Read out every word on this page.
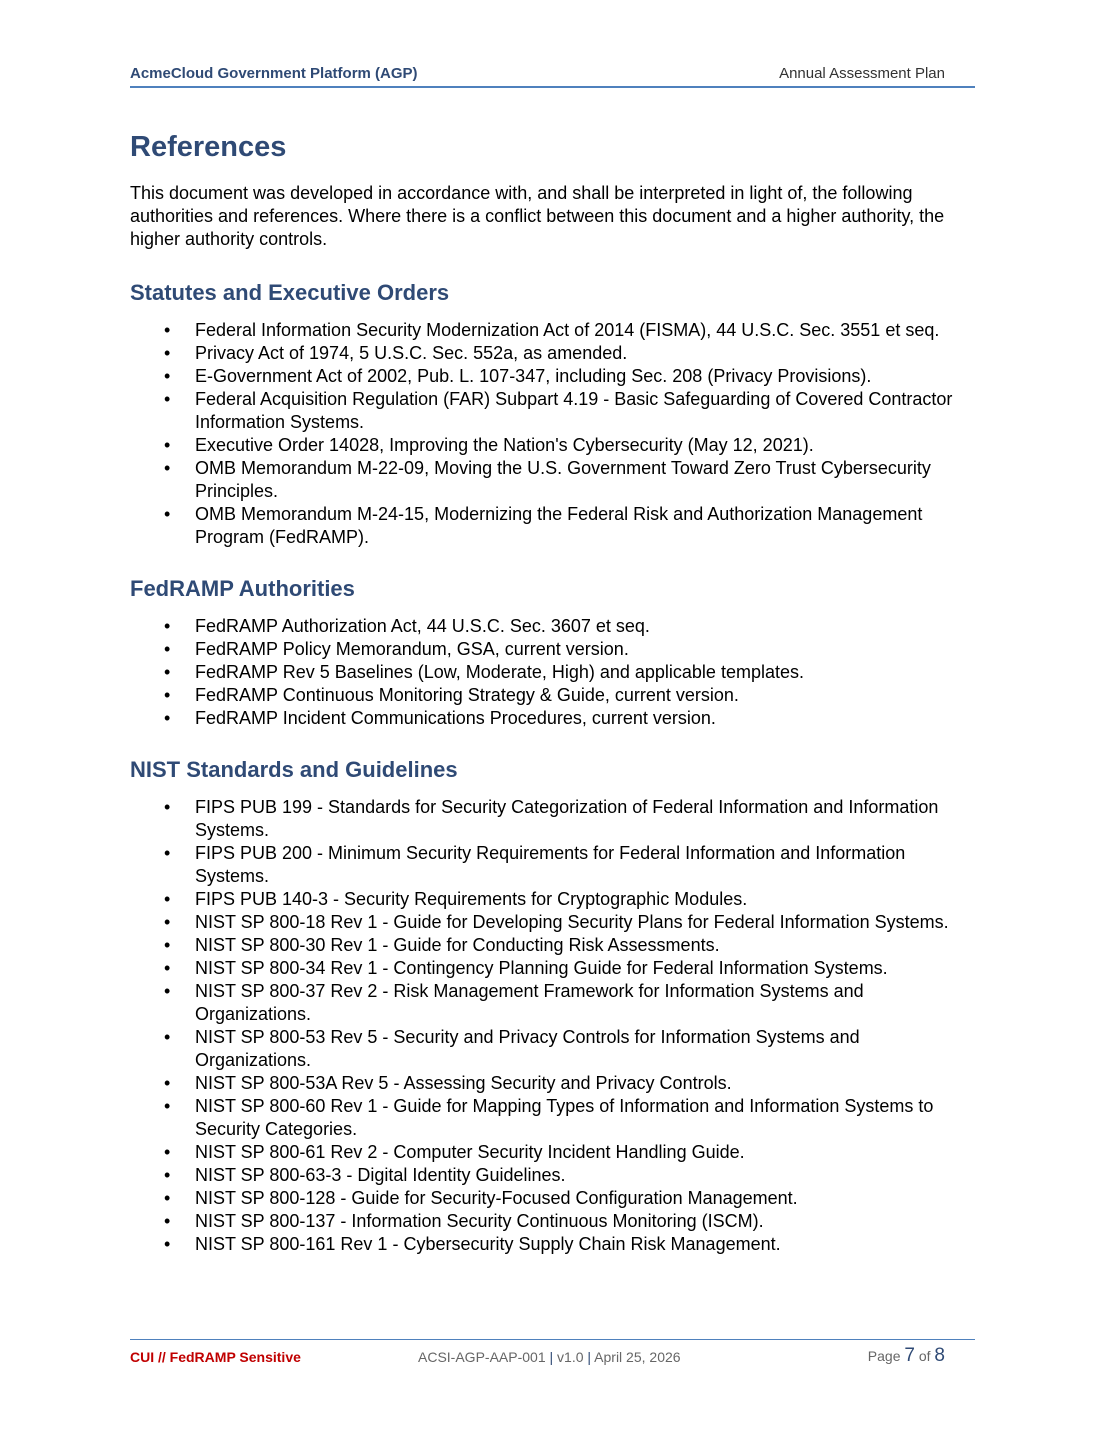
AcmeCloud Government Platform (AGP)	Annual Assessment Plan
References

This document was developed in accordance with, and shall be interpreted in light of, the following authorities and references. Where there is a conflict between this document and a higher authority, the higher authority controls.

Statutes and Executive Orders
• Federal Information Security Modernization Act of 2014 (FISMA), 44 U.S.C. Sec. 3551 et seq.
• Privacy Act of 1974, 5 U.S.C. Sec. 552a, as amended.
• E-Government Act of 2002, Pub. L. 107-347, including Sec. 208 (Privacy Provisions).
• Federal Acquisition Regulation (FAR) Subpart 4.19 - Basic Safeguarding of Covered Contractor Information Systems.
• Executive Order 14028, Improving the Nation's Cybersecurity (May 12, 2021).
• OMB Memorandum M-22-09, Moving the U.S. Government Toward Zero Trust Cybersecurity Principles.
• OMB Memorandum M-24-15, Modernizing the Federal Risk and Authorization Management Program (FedRAMP).
FedRAMP Authorities
• FedRAMP Authorization Act, 44 U.S.C. Sec. 3607 et seq.
• FedRAMP Policy Memorandum, GSA, current version.
• FedRAMP Rev 5 Baselines (Low, Moderate, High) and applicable templates.
• FedRAMP Continuous Monitoring Strategy & Guide, current version.
• FedRAMP Incident Communications Procedures, current version.
NIST Standards and Guidelines
• FIPS PUB 199 - Standards for Security Categorization of Federal Information and Information Systems.
• FIPS PUB 200 - Minimum Security Requirements for Federal Information and Information Systems.
• FIPS PUB 140-3 - Security Requirements for Cryptographic Modules.
• NIST SP 800-18 Rev 1 - Guide for Developing Security Plans for Federal Information Systems.
• NIST SP 800-30 Rev 1 - Guide for Conducting Risk Assessments.
• NIST SP 800-34 Rev 1 - Contingency Planning Guide for Federal Information Systems.
• NIST SP 800-37 Rev 2 - Risk Management Framework for Information Systems and Organizations.
• NIST SP 800-53 Rev 5 - Security and Privacy Controls for Information Systems and Organizations.
• NIST SP 800-53A Rev 5 - Assessing Security and Privacy Controls.
• NIST SP 800-60 Rev 1 - Guide for Mapping Types of Information and Information Systems to Security Categories.
• NIST SP 800-61 Rev 2 - Computer Security Incident Handling Guide.
• NIST SP 800-63-3 - Digital Identity Guidelines.
• NIST SP 800-128 - Guide for Security-Focused Configuration Management.
• NIST SP 800-137 - Information Security Continuous Monitoring (ISCM).
• NIST SP 800-161 Rev 1 - Cybersecurity Supply Chain Risk Management.
CUI // FedRAMP Sensitive	ACSI-AGP-AAP-001 | v1.0 | April 25, 2026	Page 7 of 8
